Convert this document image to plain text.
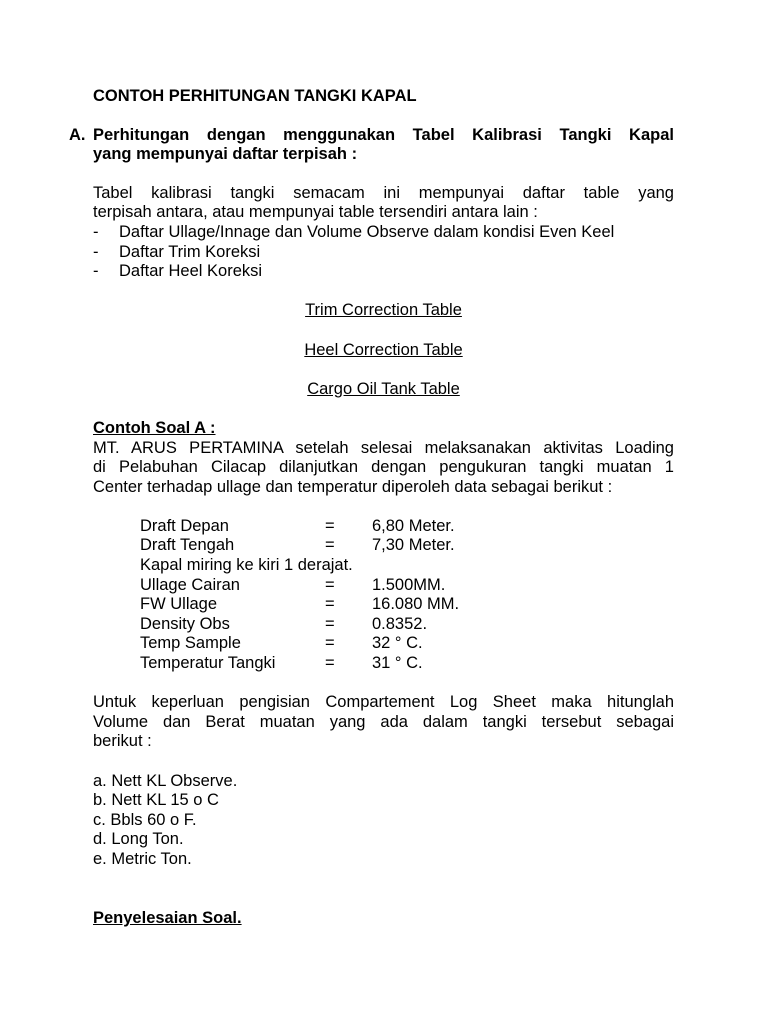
CONTOH PERHITUNGAN TANGKI KAPAL

A. Perhitungan dengan menggunakan Tabel Kalibrasi Tangki Kapal
yang mempunyai daftar terpisah :
Tabel kalibrasi tangki semacam ini mempunyai daftar table yang
terpisah antara, atau mempunyai table tersendiri antara lain :
- Daftar Ullage/Innage dan Volume Observe dalam kondisi Even Keel
- Daftar Trim Koreksi
- Daftar Heel Koreksi

Trim Correction Table

Heel Correction Table

Cargo Oil Tank Table

Contoh Soal A :
MT. ARUS PERTAMINA setelah selesai melaksanakan aktivitas Loading
di Pelabuhan Cilacap dilanjutkan dengan pengukuran tangki muatan 1
Center terhadap ullage dan temperatur diperoleh data sebagai berikut :
Draft Depan	=	6,80 Meter.
Draft Tengah	=	7,30 Meter.
Kapal miring ke kiri 1 derajat.		
Ullage Cairan	=	1.500MM.
FW Ullage	=	16.080 MM.
Density Obs	=	0.8352.
Temp Sample	=	32 ° C.
Temperatur Tangki	=	31 ° C.
Untuk keperluan pengisian Compartement Log Sheet maka hitunglah
Volume dan Berat muatan yang ada dalam tangki tersebut sebagai
berikut :
a. Nett KL Observe.
b. Nett KL 15 o C
c. Bbls 60 o F.
d. Long Ton.
e. Metric Ton.
Penyelesaian Soal.
